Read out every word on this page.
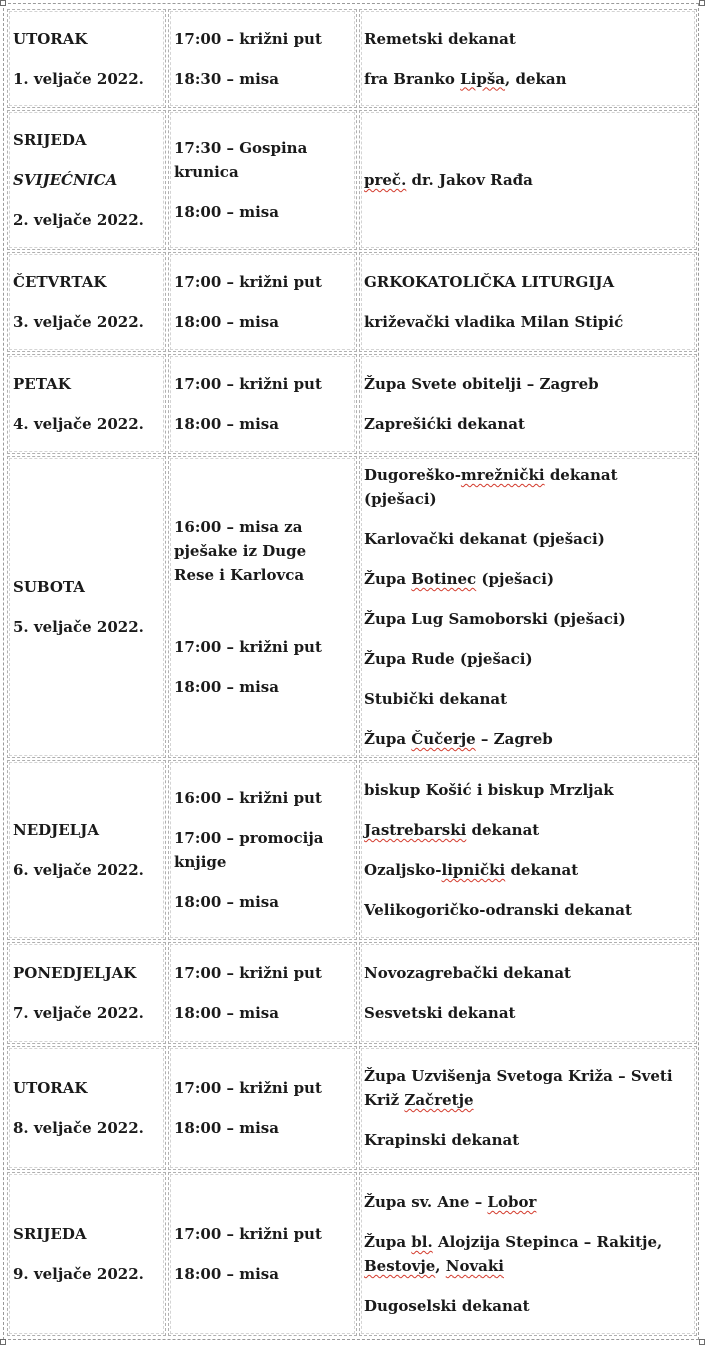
UTORAK
1. veljače 2022.
17:00 – križni put
18:30 – misa
Remetski dekanat
fra Branko Lipša, dekan
SRIJEDA
SVIJEĆNICA
2. veljače 2022.
17:30 – Gospina krunica
18:00 – misa
preč. dr. Jakov Rađa
ČETVRTAK
3. veljače 2022.
17:00 – križni put
18:00 – misa
GRKOKATOLIČKA LITURGIJA
križevački vladika Milan Stipić
PETAK
4. veljače 2022.
17:00 – križni put
18:00 – misa
Župa Svete obitelji – Zagreb
Zaprešićki dekanat
SUBOTA
5. veljače 2022.
16:00 – misa za pješake iz Duge Rese i Karlovca
17:00 – križni put
18:00 – misa
Dugoreško-mrežnički dekanat (pješaci)
Karlovački dekanat (pješaci)
Župa Botinec (pješaci)
Župa Lug Samoborski (pješaci)
Župa Rude (pješaci)
Stubički dekanat
Župa Čučerje – Zagreb
NEDJELJA
6. veljače 2022.
16:00 – križni put
17:00 – promocija knjige
18:00 – misa
biskup Košić i biskup Mrzljak
Jastrebarski dekanat
Ozaljsko-lipnički dekanat
Velikogoričko-odranski dekanat
PONEDJELJAK
7. veljače 2022.
17:00 – križni put
18:00 – misa
Novozagrebački dekanat
Sesvetski dekanat
UTORAK
8. veljače 2022.
17:00 – križni put
18:00 – misa
Župa Uzvišenja Svetoga Križa – Sveti Križ Začretje
Krapinski dekanat
SRIJEDA
9. veljače 2022.
17:00 – križni put
18:00 – misa
Župa sv. Ane – Lobor
Župa bl. Alojzija Stepinca – Rakitje, Bestovje, Novaki
Dugoselski dekanat
